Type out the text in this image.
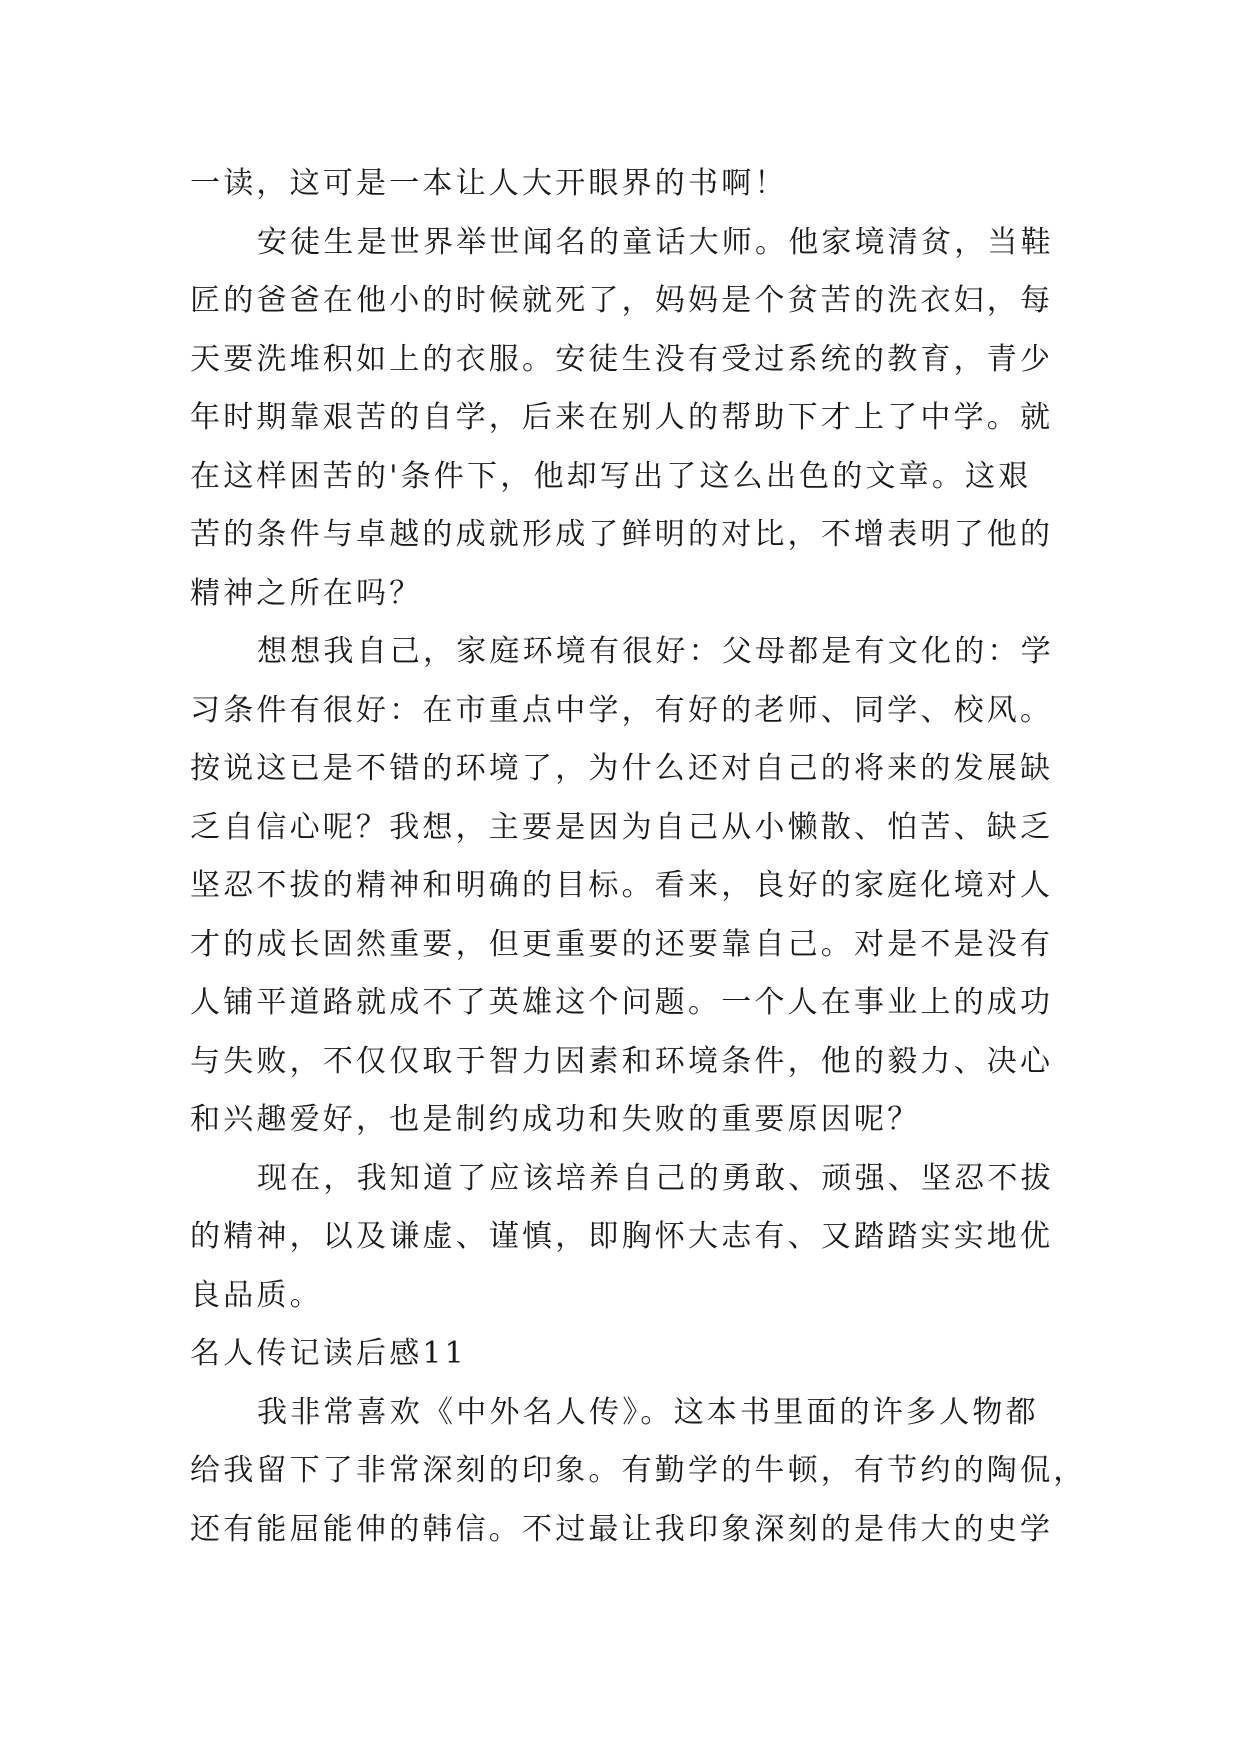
一读，这可是一本让人大开眼界的书啊！
安徒生是世界举世闻名的童话大师。他家境清贫，当鞋
匠的爸爸在他小的时候就死了，妈妈是个贫苦的洗衣妇，每
天要洗堆积如上的衣服。安徒生没有受过系统的教育，青少
年时期靠艰苦的自学，后来在别人的帮助下才上了中学。就
在这样困苦的'条件下，他却写出了这么出色的文章。这艰
苦的条件与卓越的成就形成了鲜明的对比，不增表明了他的
精神之所在吗？
想想我自己，家庭环境有很好：父母都是有文化的：学
习条件有很好：在市重点中学，有好的老师、同学、校风。
按说这已是不错的环境了，为什么还对自己的将来的发展缺
乏自信心呢？我想，主要是因为自己从小懒散、怕苦、缺乏
坚忍不拔的精神和明确的目标。看来，良好的家庭化境对人
才的成长固然重要，但更重要的还要靠自己。对是不是没有
人铺平道路就成不了英雄这个问题。一个人在事业上的成功
与失败，不仅仅取于智力因素和环境条件，他的毅力、决心
和兴趣爱好，也是制约成功和失败的重要原因呢？
现在，我知道了应该培养自己的勇敢、顽强、坚忍不拔
的精神，以及谦虚、谨慎，即胸怀大志有、又踏踏实实地优
良品质。
名人传记读后感11
我非常喜欢《中外名人传》。这本书里面的许多人物都
给我留下了非常深刻的印象。有勤学的牛顿，有节约的陶侃，
还有能屈能伸的韩信。不过最让我印象深刻的是伟大的史学
